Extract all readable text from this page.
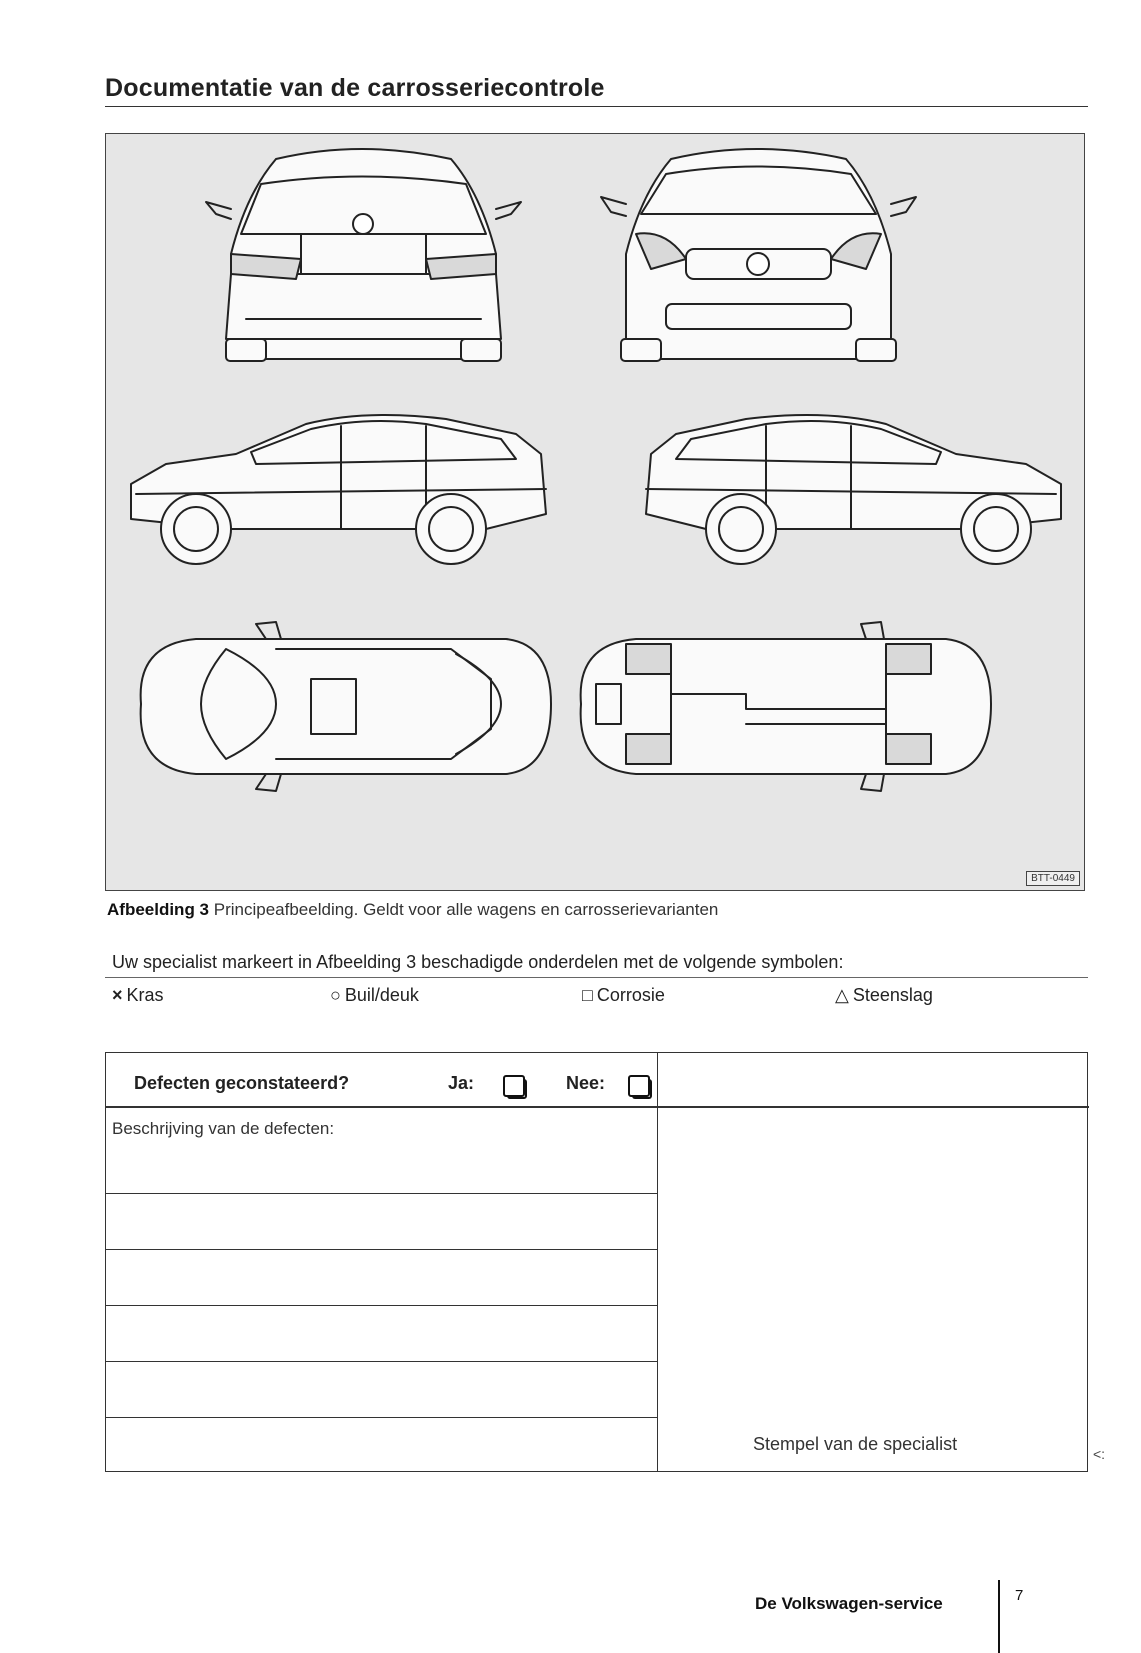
Documentatie van de carrosseriecontrole
BTT-0449
Afbeelding 3 Principeafbeelding. Geldt voor alle wagens en carrosserievarianten
Uw specialist markeert in Afbeelding 3 beschadigde onderdelen met de volgende symbolen:
× Kras	○ Buil/deuk	□ Corrosie	△ Steenslag
Defecten geconstateerd?	Ja:	Nee:
Beschrijving van de defecten:
Stempel van de specialist	<:
De Volkswagen-service	7
